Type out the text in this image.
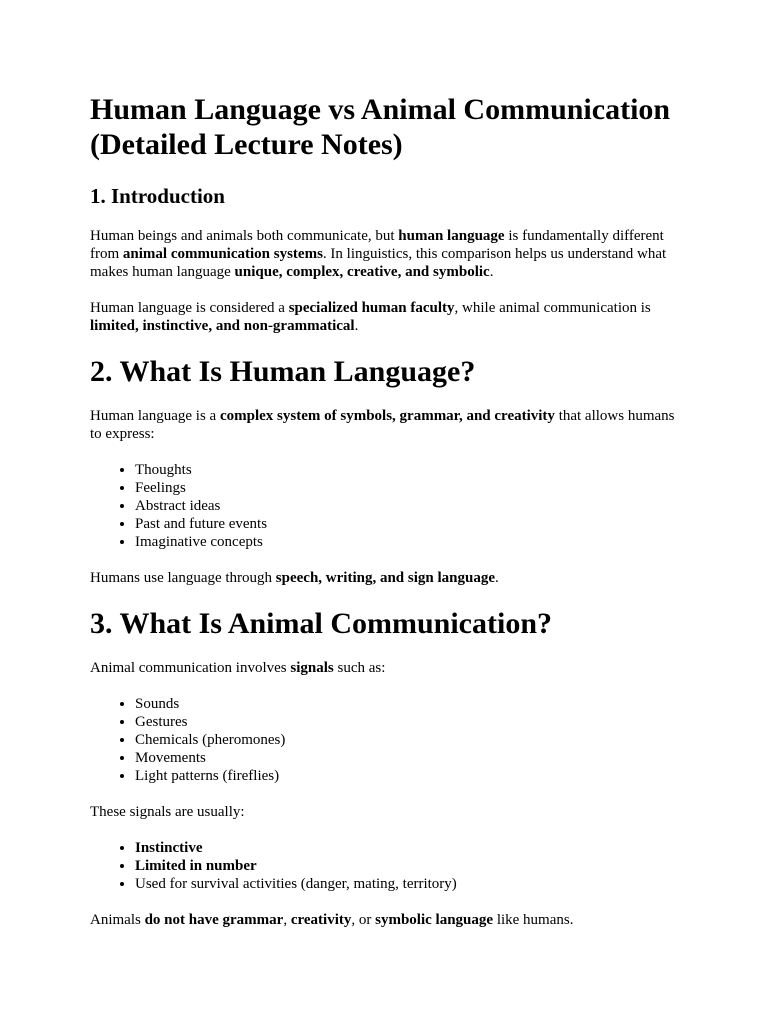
Human Language vs Animal Communication
(Detailed Lecture Notes)
1. Introduction

Human beings and animals both communicate, but human language is fundamentally different from animal communication systems. In linguistics, this comparison helps us understand what makes human language unique, complex, creative, and symbolic.

Human language is considered a specialized human faculty, while animal communication is limited, instinctive, and non-grammatical.

2. What Is Human Language?

Human language is a complex system of symbols, grammar, and creativity that allows humans to express:

• Thoughts
• Feelings
• Abstract ideas
• Past and future events
• Imaginative concepts

Humans use language through speech, writing, and sign language.

3. What Is Animal Communication?

Animal communication involves signals such as:

• Sounds
• Gestures
• Chemicals (pheromones)
• Movements
• Light patterns (fireflies)

These signals are usually:

• Instinctive
• Limited in number
• Used for survival activities (danger, mating, territory)

Animals do not have grammar, creativity, or symbolic language like humans.
